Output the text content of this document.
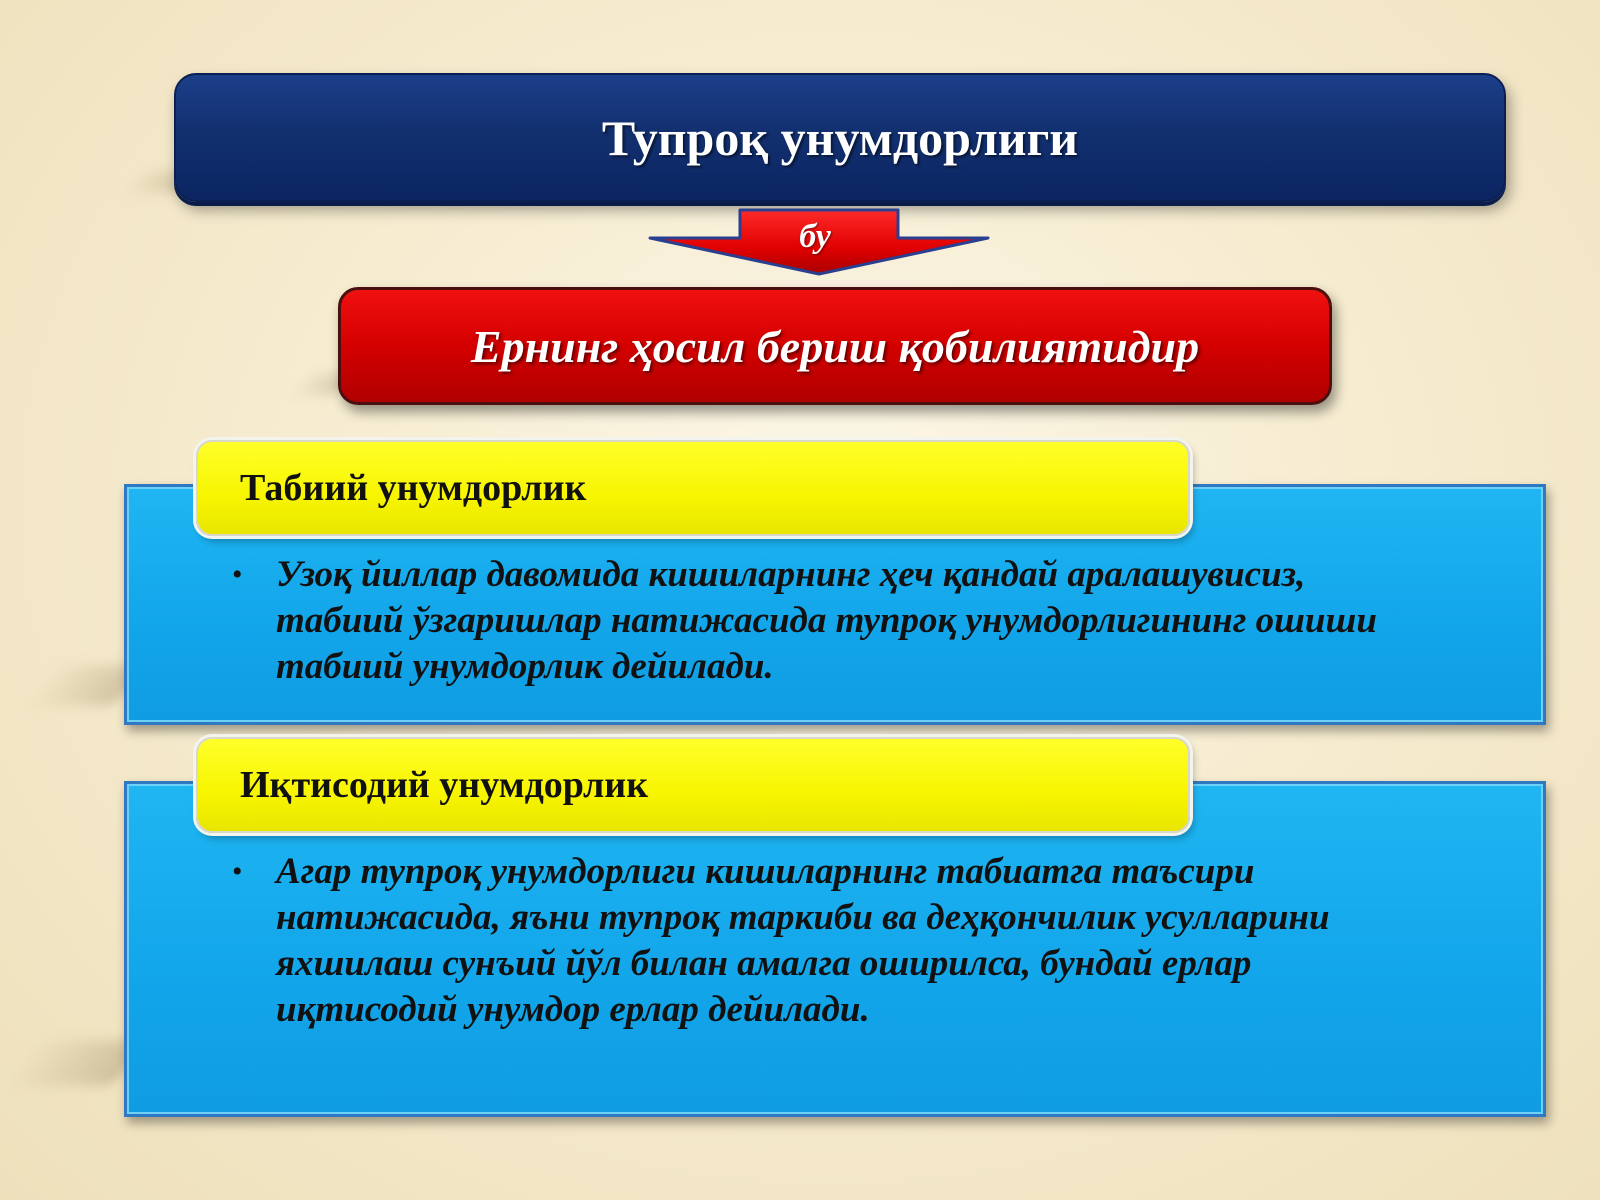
Тупроқ унумдорлиги
бу
Ернинг ҳосил бериш қобилиятидир
Табиий унумдорлик
• Узоқ йиллар давомида кишиларнинг ҳеч қандай аралашувисиз, табиий ўзгаришлар натижасида тупроқ унумдорлигининг ошиши табиий унумдорлик дейилади.
Иқтисодий унумдорлик
• Агар тупроқ унумдорлиги кишиларнинг табиатга таъсири натижасида, яъни тупроқ таркиби ва деҳқончилик усулларини яхшилаш сунъий йўл билан амалга оширилса, бундай ерлар иқтисодий унумдор ерлар дейилади.
